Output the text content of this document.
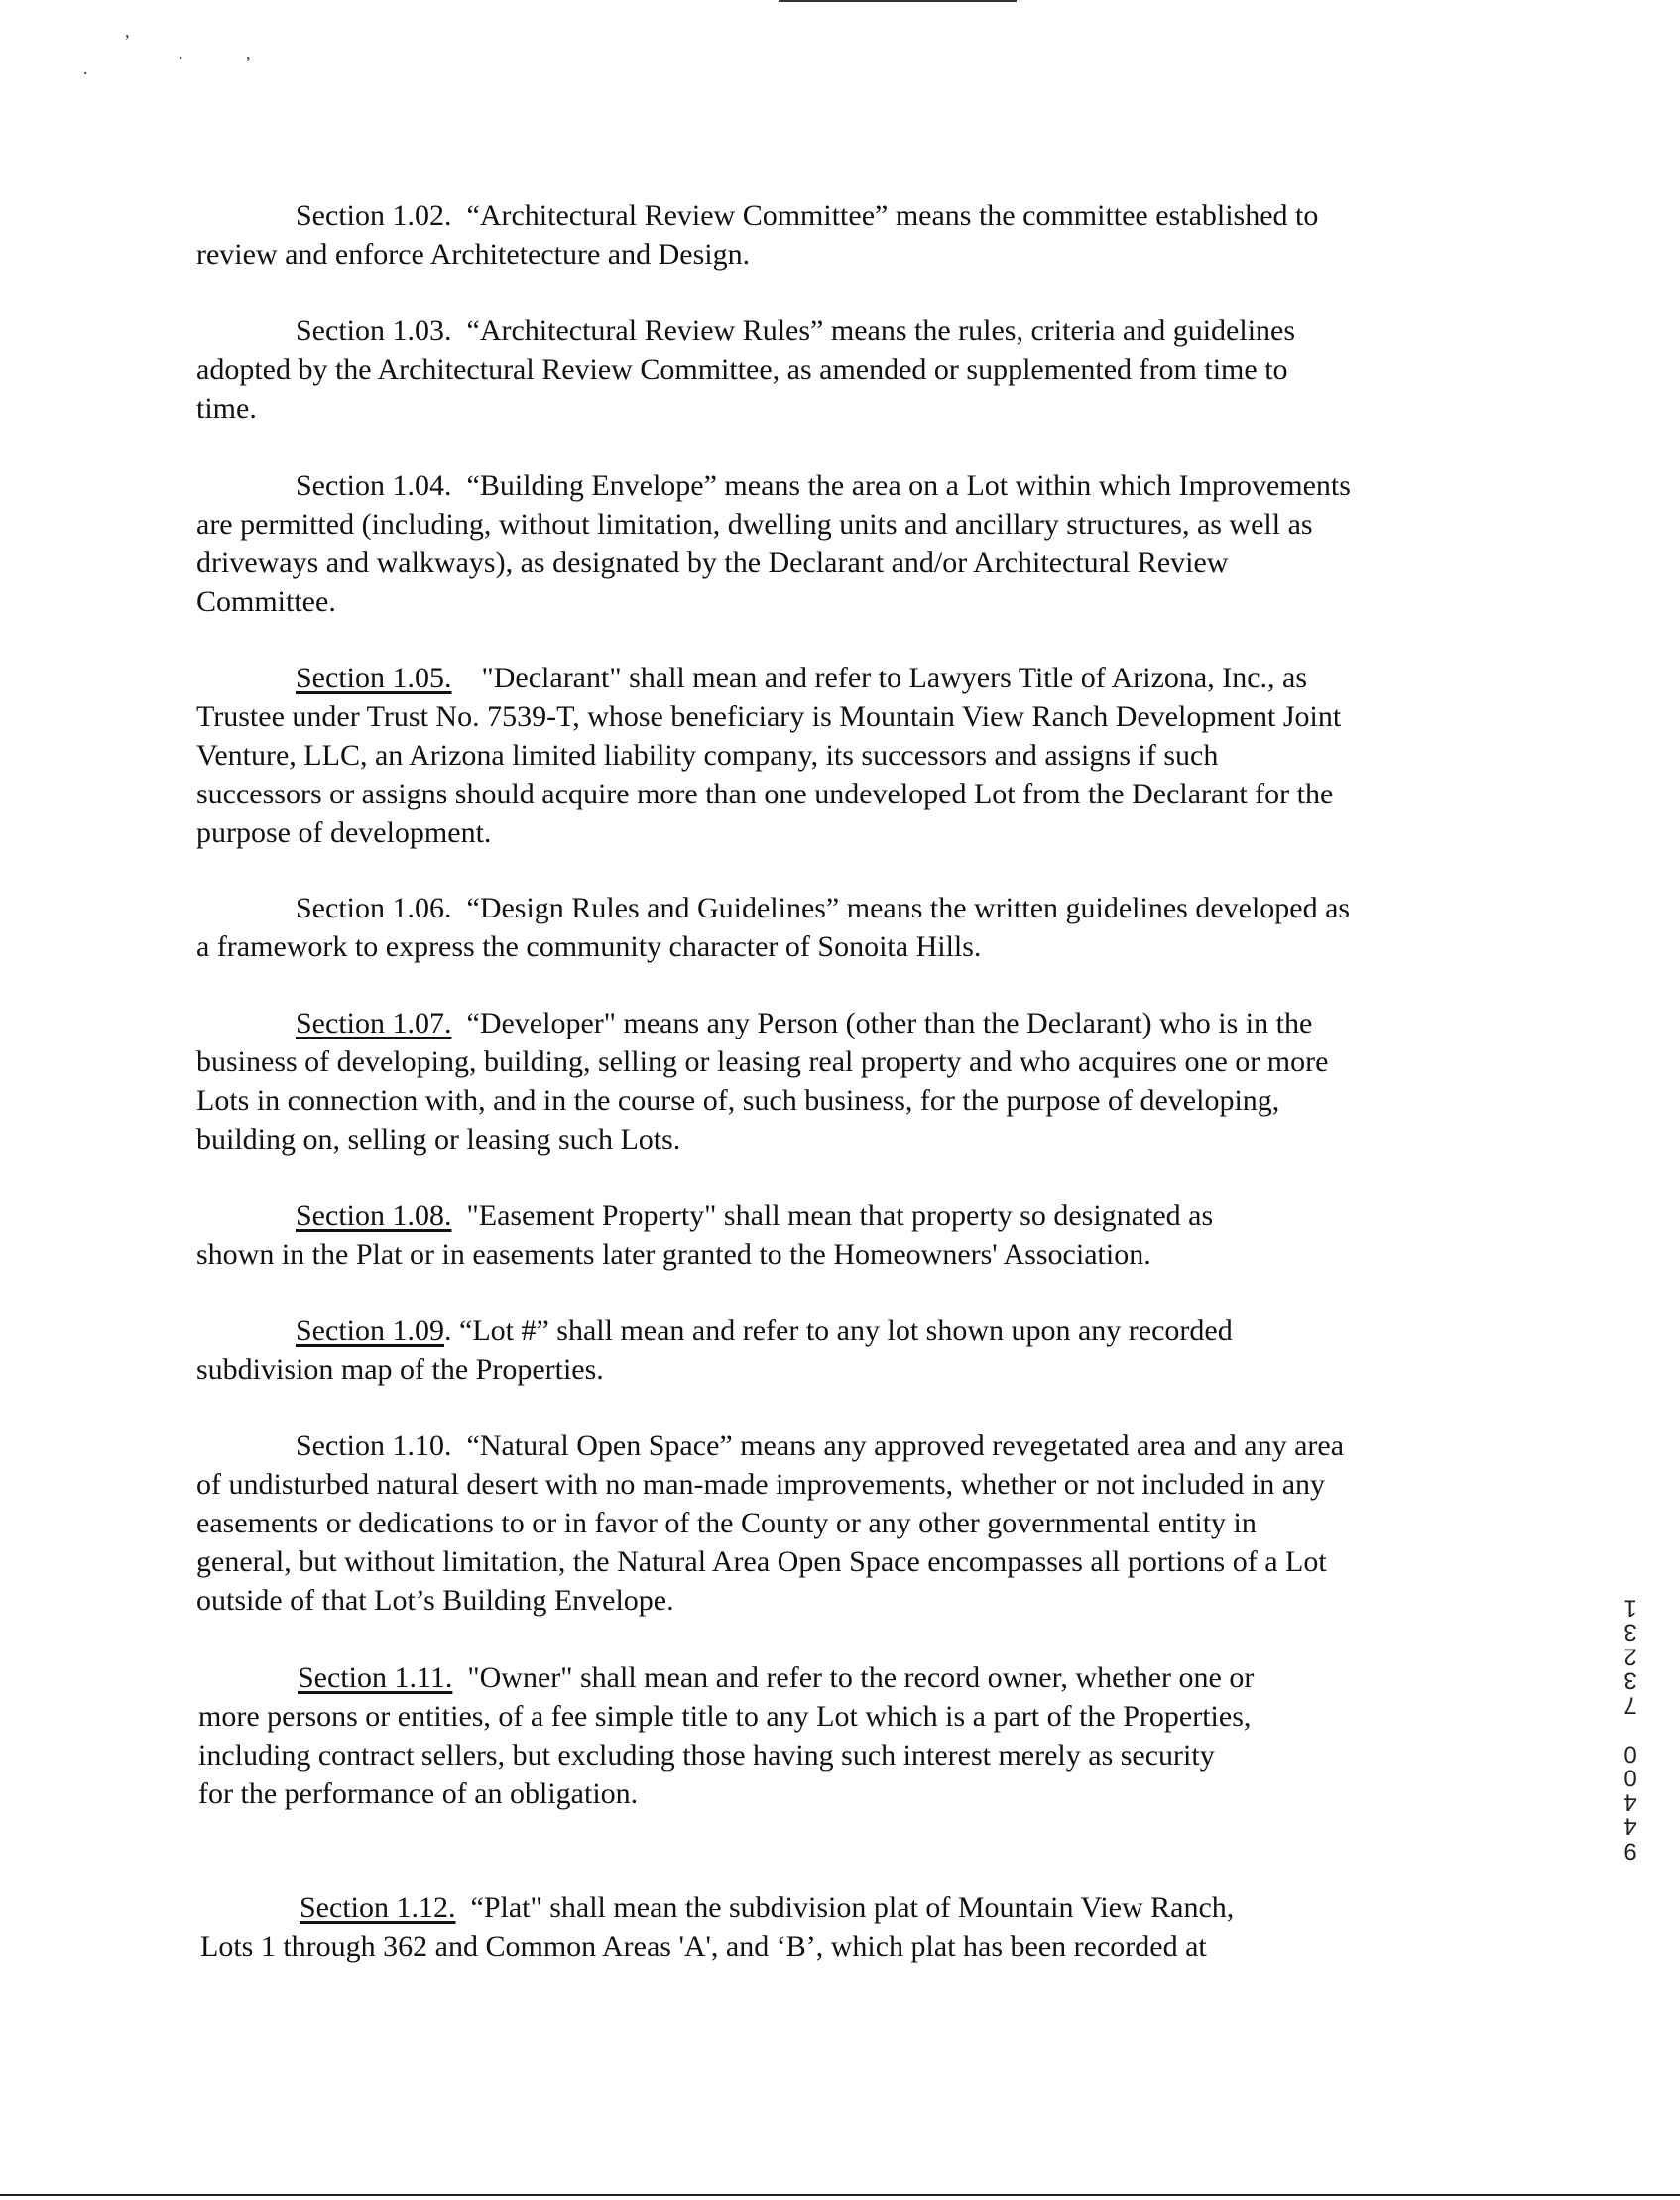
,
.	,
.
Section 1.02. “Architectural Review Committee” means the committee established to
review and enforce Architetecture and Design.
Section 1.03. “Architectural Review Rules” means the rules, criteria and guidelines
adopted by the Architectural Review Committee, as amended or supplemented from time to
time.
Section 1.04. “Building Envelope” means the area on a Lot within which Improvements
are permitted (including, without limitation, dwelling units and ancillary structures, as well as
driveways and walkways), as designated by the Declarant and/or Architectural Review
Committee.
Section 1.05. "Declarant" shall mean and refer to Lawyers Title of Arizona, Inc., as
Trustee under Trust No. 7539-T, whose beneficiary is Mountain View Ranch Development Joint
Venture, LLC, an Arizona limited liability company, its successors and assigns if such
successors or assigns should acquire more than one undeveloped Lot from the Declarant for the
purpose of development.
Section 1.06. “Design Rules and Guidelines” means the written guidelines developed as
a framework to express the community character of Sonoita Hills.
Section 1.07. “Developer" means any Person (other than the Declarant) who is in the
business of developing, building, selling or leasing real property and who acquires one or more
Lots in connection with, and in the course of, such business, for the purpose of developing,
building on, selling or leasing such Lots.
Section 1.08. "Easement Property" shall mean that property so designated as
shown in the Plat or in easements later granted to the Homeowners' Association.
Section 1.09. “Lot #” shall mean and refer to any lot shown upon any recorded
subdivision map of the Properties.
Section 1.10. “Natural Open Space” means any approved revegetated area and any area
of undisturbed natural desert with no man-made improvements, whether or not included in any
easements or dedications to or in favor of the County or any other governmental entity in
general, but without limitation, the Natural Area Open Space encompasses all portions of a Lot
outside of that Lot’s Building Envelope.
Section 1.11. "Owner" shall mean and refer to the record owner, whether one or
more persons or entities, of a fee simple title to any Lot which is a part of the Properties,
including contract sellers, but excluding those having such interest merely as security
for the performance of an obligation.
Section 1.12. “Plat" shall mean the subdivision plat of Mountain View Ranch,
Lots 1 through 362 and Common Areas 'A', and ‘B’, which plat has been recorded at
9
4
4
0
0

7
3
2
3
1
